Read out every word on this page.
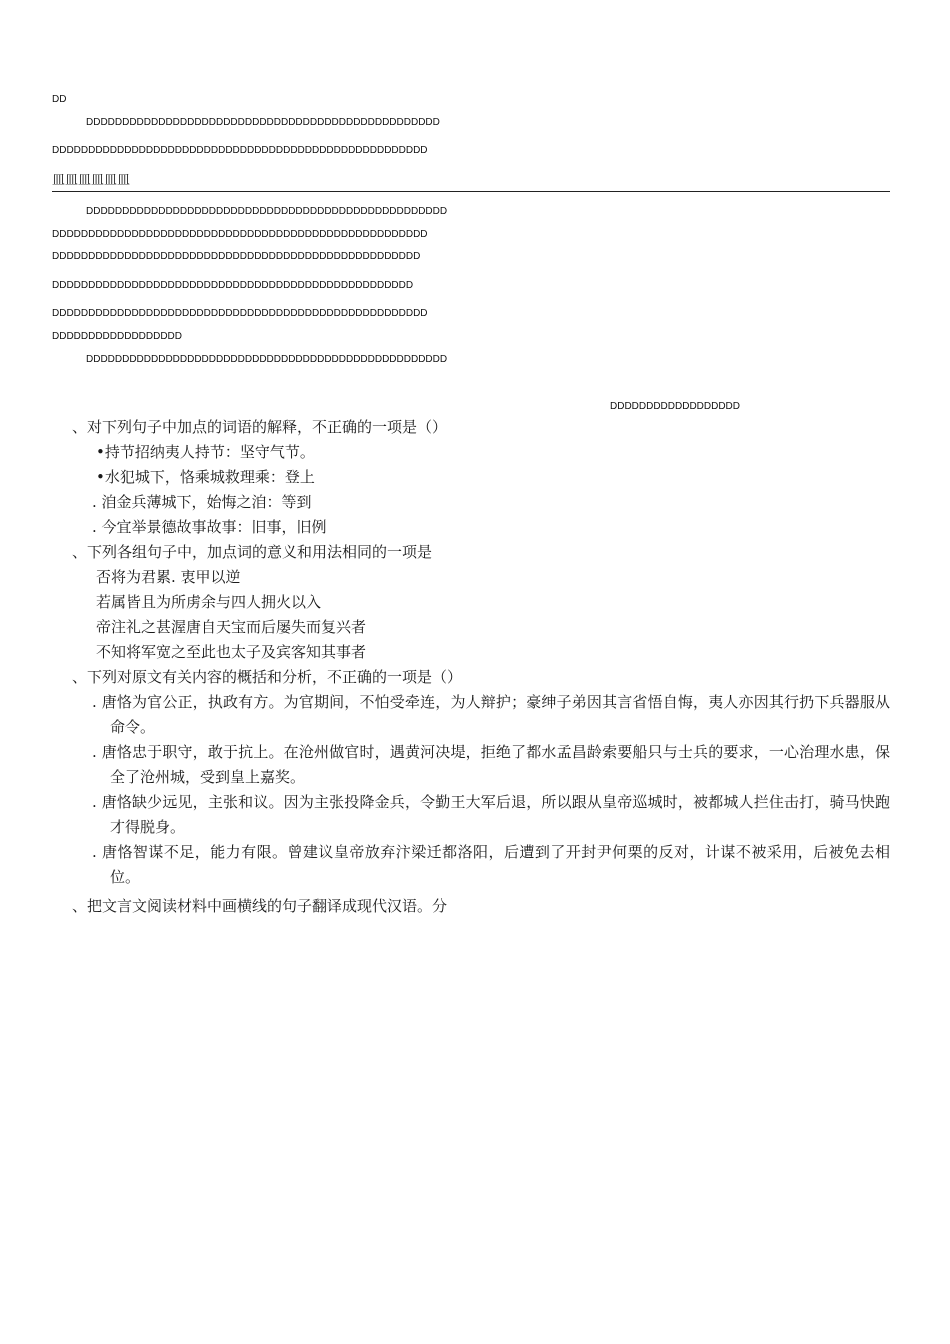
DD
DDDDDDDDDDDDDDDDDDDDDDDDDDDDDDDDDDDDDDDDDDDDDDDDD
DDDDDDDDDDDDDDDDDDDDDDDDDDDDDDDDDDDDDDDDDDDDDDDDDDDD
皿皿皿皿皿皿
DDDDDDDDDDDDDDDDDDDDDDDDDDDDDDDDDDDDDDDDDDDDDDDDDD
DDDDDDDDDDDDDDDDDDDDDDDDDDDDDDDDDDDDDDDDDDDDDDDDDDDD
DDDDDDDDDDDDDDDDDDDDDDDDDDDDDDDDDDDDDDDDDDDDDDDDDDD
DDDDDDDDDDDDDDDDDDDDDDDDDDDDDDDDDDDDDDDDDDDDDDDDDD
DDDDDDDDDDDDDDDDDDDDDDDDDDDDDDDDDDDDDDDDDDDDDDDDDDDD
DDDDDDDDDDDDDDDDDD
DDDDDDDDDDDDDDDDDDDDDDDDDDDDDDDDDDDDDDDDDDDDDDDDDD
DDDDDDDDDDDDDDDDDD
、对下列句子中加点的词语的解释，不正确的一项是（）
•持节招纳夷人持节：坚守气节。
•水犯城下，恪乘城救理乘：登上
. 洎金兵薄城下，始悔之洎：等到
. 今宜举景德故事故事：旧事，旧例
、下列各组句子中，加点词的意义和用法相同的一项是
否将为君累. 衷甲以逆
若属皆且为所虏余与四人拥火以入
帝注礼之甚渥唐自天宝而后屡失而复兴者
不知将军宽之至此也太子及宾客知其事者
、下列对原文有关内容的概括和分析，不正确的一项是（）
. 唐恪为官公正，执政有方。为官期间，不怕受牵连，为人辩护；豪绅子弟因其言省悟自悔，夷人亦因其行扔下兵器服从命令。
. 唐恪忠于职守，敢于抗上。在沧州做官时，遇黄河决堤，拒绝了都水孟昌龄索要船只与士兵的要求，一心治理水患，保全了沧州城，受到皇上嘉奖。
. 唐恪缺少远见，主张和议。因为主张投降金兵，令勤王大军后退，所以跟从皇帝巡城时，被都城人拦住击打，骑马快跑才得脱身。
. 唐恪智谋不足，能力有限。曾建议皇帝放弃汴梁迁都洛阳，后遭到了开封尹何栗的反对，计谋不被采用，后被免去相位。
、把文言文阅读材料中画横线的句子翻译成现代汉语。分
